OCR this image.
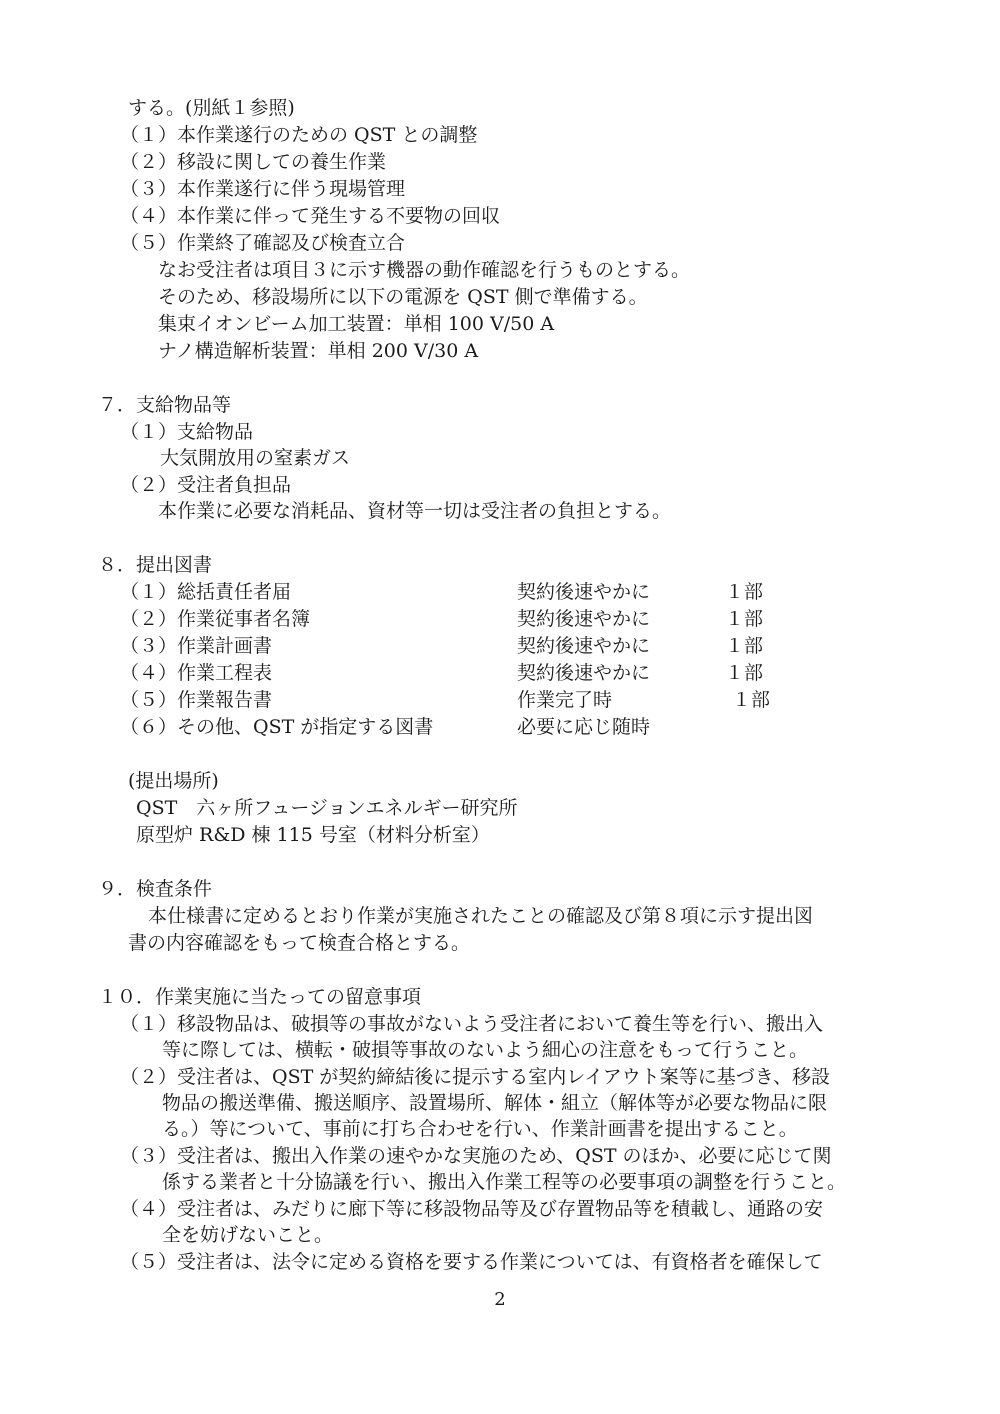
する。(別紙１参照)
（１）本作業遂行のための QST との調整
（２）移設に関しての養生作業
（３）本作業遂行に伴う現場管理
（４）本作業に伴って発生する不要物の回収
（５）作業終了確認及び検査立合
なお受注者は項目３に示す機器の動作確認を行うものとする。
そのため、移設場所に以下の電源を QST 側で準備する。
集束イオンビーム加工装置：単相 100 V/50 A
ナノ構造解析装置：単相 200 V/30 A
７．支給物品等
（１）支給物品
大気開放用の窒素ガス
（２）受注者負担品
本作業に必要な消耗品、資材等一切は受注者の負担とする。
８．提出図書
（１）総括責任者届	契約後速やかに	１部
（２）作業従事者名簿	契約後速やかに	１部
（３）作業計画書	契約後速やかに	１部
（４）作業工程表	契約後速やかに	１部
（５）作業報告書	作業完了時	１部
（６）その他、QST が指定する図書	必要に応じ随時
(提出場所)
QST　六ヶ所フュージョンエネルギー研究所
原型炉 R&D 棟 115 号室（材料分析室）
９．検査条件
本仕様書に定めるとおり作業が実施されたことの確認及び第８項に示す提出図
書の内容確認をもって検査合格とする。
１０．作業実施に当たっての留意事項
（１）移設物品は、破損等の事故がないよう受注者において養生等を行い、搬出入
等に際しては、横転・破損等事故のないよう細心の注意をもって行うこと。
（２）受注者は、QST が契約締結後に提示する室内レイアウト案等に基づき、移設
物品の搬送準備、搬送順序、設置場所、解体・組立（解体等が必要な物品に限
る。）等について、事前に打ち合わせを行い、作業計画書を提出すること。
（３）受注者は、搬出入作業の速やかな実施のため、QST のほか、必要に応じて関
係する業者と十分協議を行い、搬出入作業工程等の必要事項の調整を行うこと。
（４）受注者は、みだりに廊下等に移設物品等及び存置物品等を積載し、通路の安
全を妨げないこと。
（５）受注者は、法令に定める資格を要する作業については、有資格者を確保して
2
